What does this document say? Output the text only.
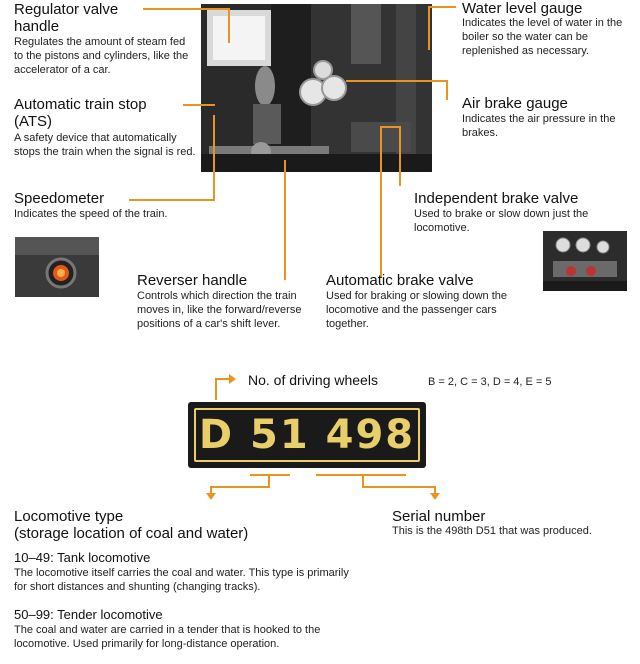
Regulator valve handle
Regulates the amount of steam fed to the pistons and cylinders, like the accelerator of a car.
Automatic train stop (ATS)
A safety device that automatically stops the train when the signal is red.
Speedometer
Indicates the speed of the train.
Reverser handle
Controls which direction the train moves in, like the forward/reverse positions of a car's shift lever.
Automatic brake valve
Used for braking or slowing down the locomotive and the passenger cars together.
Water level gauge
Indicates the level of water in the boiler so the water can be replenished as necessary.
Air brake gauge
Indicates the air pressure in the brakes.
Independent brake valve
Used to brake or slow down just the locomotive.
No. of driving wheels	B = 2, C = 3, D = 4, E = 5
D 51 498
Locomotive type
(storage location of coal and water)
10–49: Tank locomotive
The locomotive itself carries the coal and water. This type is primarily for short distances and shunting (changing tracks).
50–99: Tender locomotive
The coal and water are carried in a tender that is hooked to the locomotive. Used primarily for long-distance operation.
Serial number
This is the 498th D51 that was produced.
